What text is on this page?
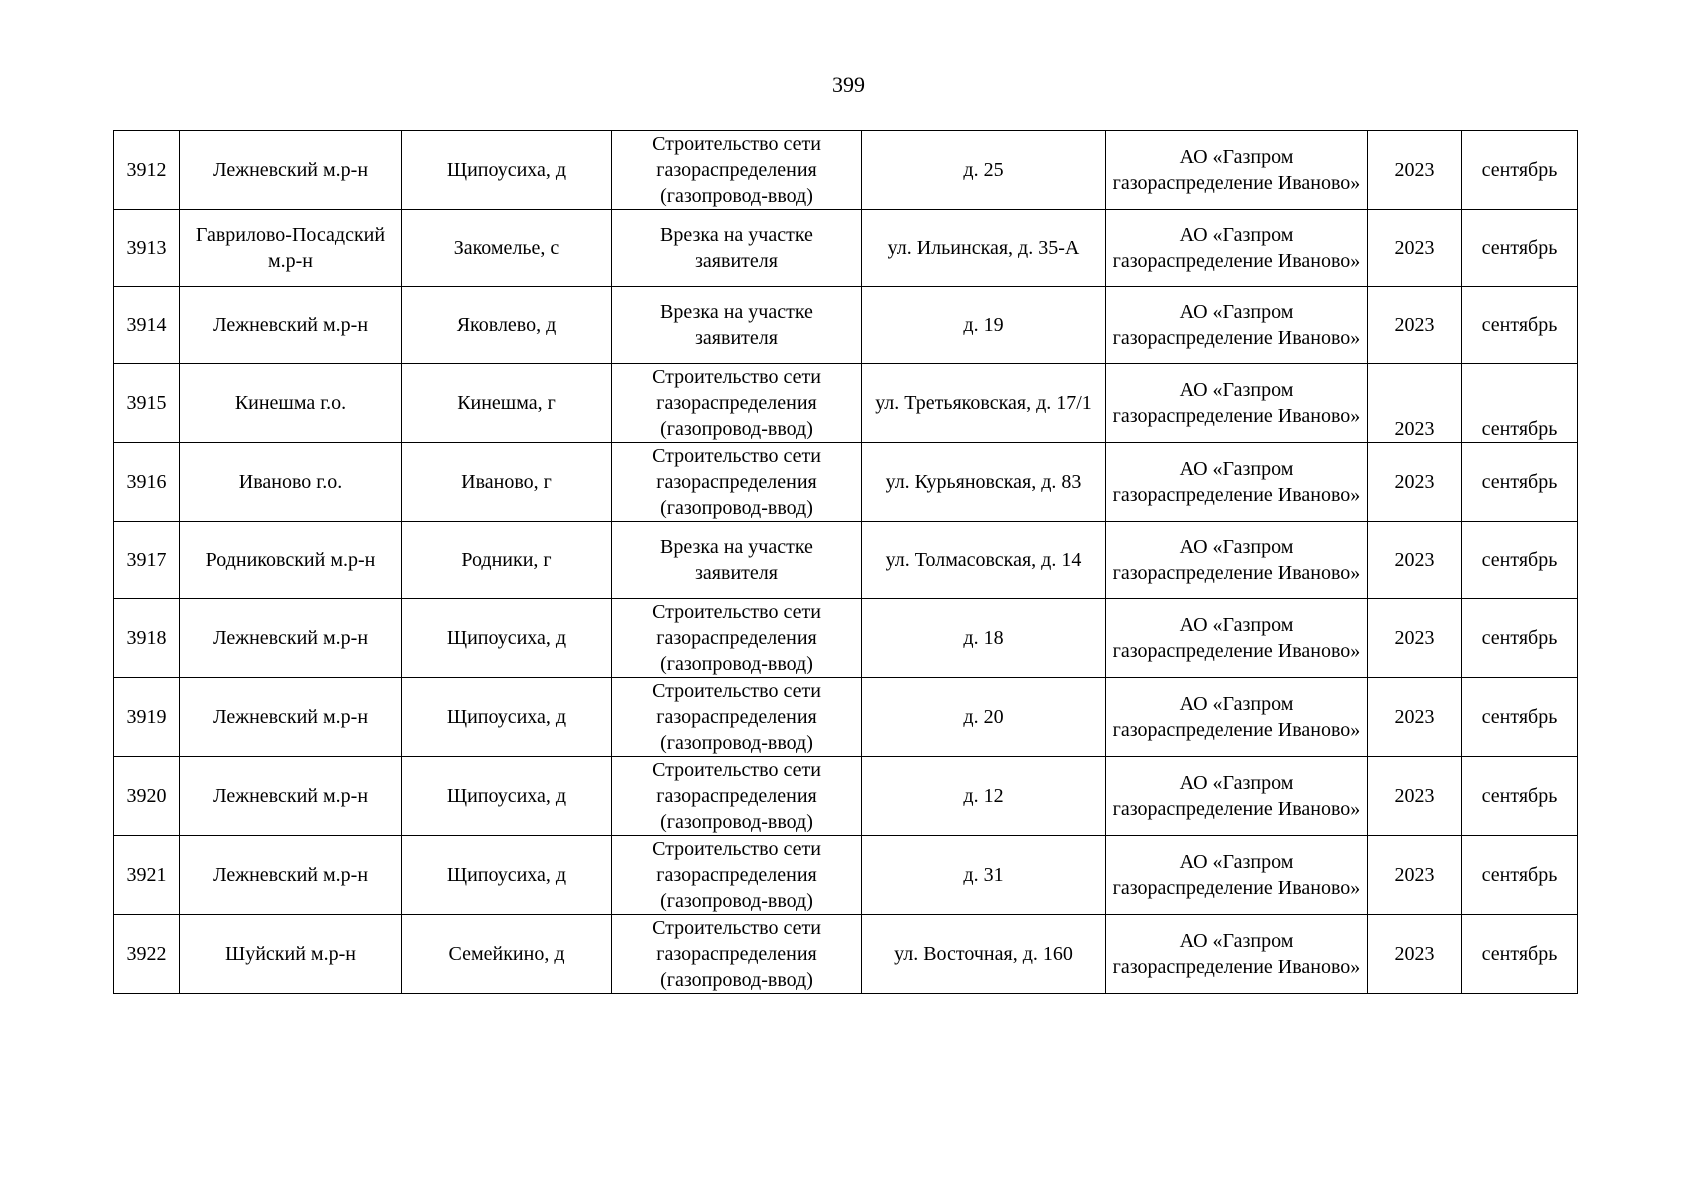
399
3912	Лежневский м.р-н	Щипоусиха, д	Строительство сети газораспределения (газопровод-ввод)	д. 25	АО «Газпром газораспределение Иваново»	2023	сентябрь
3913	Гаврилово-Посадский м.р-н	Закомелье, с	Врезка на участке заявителя	ул. Ильинская, д. 35-А	АО «Газпром газораспределение Иваново»	2023	сентябрь
3914	Лежневский м.р-н	Яковлево, д	Врезка на участке заявителя	д. 19	АО «Газпром газораспределение Иваново»	2023	сентябрь
3915	Кинешма г.о.	Кинешма, г	Строительство сети газораспределения (газопровод-ввод)	ул. Третьяковская, д. 17/1	АО «Газпром газораспределение Иваново»	2023	сентябрь
3916	Иваново г.о.	Иваново, г	Строительство сети газораспределения (газопровод-ввод)	ул. Курьяновская, д. 83	АО «Газпром газораспределение Иваново»	2023	сентябрь
3917	Родниковский м.р-н	Родники, г	Врезка на участке заявителя	ул. Толмасовская, д. 14	АО «Газпром газораспределение Иваново»	2023	сентябрь
3918	Лежневский м.р-н	Щипоусиха, д	Строительство сети газораспределения (газопровод-ввод)	д. 18	АО «Газпром газораспределение Иваново»	2023	сентябрь
3919	Лежневский м.р-н	Щипоусиха, д	Строительство сети газораспределения (газопровод-ввод)	д. 20	АО «Газпром газораспределение Иваново»	2023	сентябрь
3920	Лежневский м.р-н	Щипоусиха, д	Строительство сети газораспределения (газопровод-ввод)	д. 12	АО «Газпром газораспределение Иваново»	2023	сентябрь
3921	Лежневский м.р-н	Щипоусиха, д	Строительство сети газораспределения (газопровод-ввод)	д. 31	АО «Газпром газораспределение Иваново»	2023	сентябрь
3922	Шуйский м.р-н	Семейкино, д	Строительство сети газораспределения (газопровод-ввод)	ул. Восточная, д. 160	АО «Газпром газораспределение Иваново»	2023	сентябрь
